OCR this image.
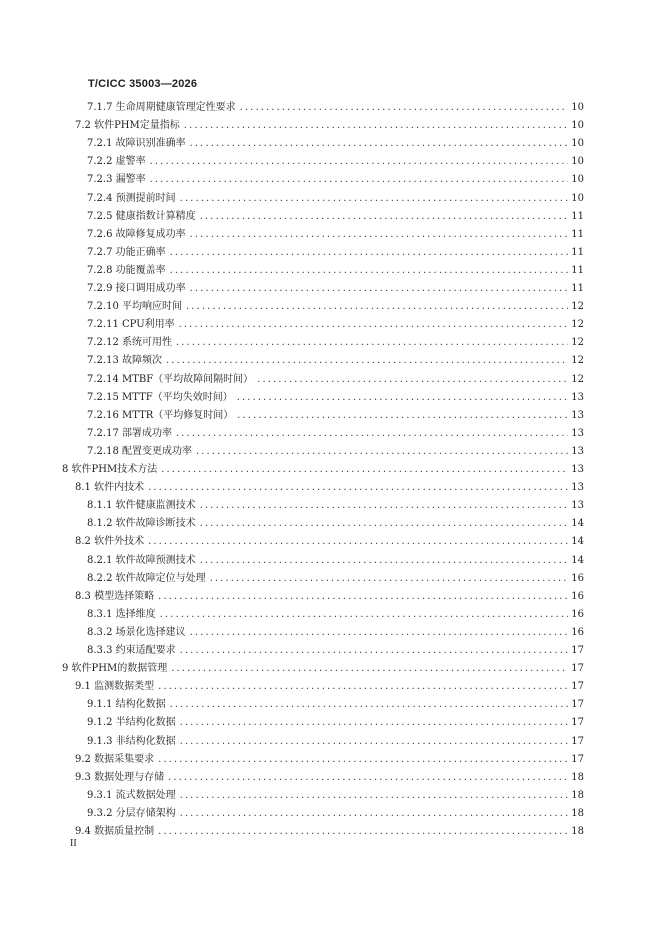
T/CICC 35003—2026
7.1.7 生命周期健康管理定性要求 .....	10
7.2 软件PHM定量指标 .....	10
7.2.1 故障识别准确率 .....	10
7.2.2 虚警率 .....	10
7.2.3 漏警率 .....	10
7.2.4 预测提前时间 .....	10
7.2.5 健康指数计算精度 .....	11
7.2.6 故障修复成功率 .....	11
7.2.7 功能正确率 .....	11
7.2.8 功能覆盖率 .....	11
7.2.9 接口调用成功率 .....	11
7.2.10 平均响应时间 .....	12
7.2.11 CPU利用率 .....	12
7.2.12 系统可用性 .....	12
7.2.13 故障频次 .....	12
7.2.14 MTBF（平均故障间隔时间） .....	12
7.2.15 MTTF（平均失效时间） .....	13
7.2.16 MTTR（平均修复时间） .....	13
7.2.17 部署成功率 .....	13
7.2.18 配置变更成功率 .....	13
8 软件PHM技术方法 .....	13
8.1 软件内技术 .....	13
8.1.1 软件健康监测技术 .....	13
8.1.2 软件故障诊断技术 .....	14
8.2 软件外技术 .....	14
8.2.1 软件故障预测技术 .....	14
8.2.2 软件故障定位与处理 .....	16
8.3 模型选择策略 .....	16
8.3.1 选择维度 .....	16
8.3.2 场景化选择建议 .....	16
8.3.3 约束适配要求 .....	17
9 软件PHM的数据管理 .....	17
9.1 监测数据类型 .....	17
9.1.1 结构化数据 .....	17
9.1.2 半结构化数据 .....	17
9.1.3 非结构化数据 .....	17
9.2 数据采集要求 .....	17
9.3 数据处理与存储 .....	18
9.3.1 流式数据处理 .....	18
9.3.2 分层存储架构 .....	18
9.4 数据质量控制 .....	18
II
